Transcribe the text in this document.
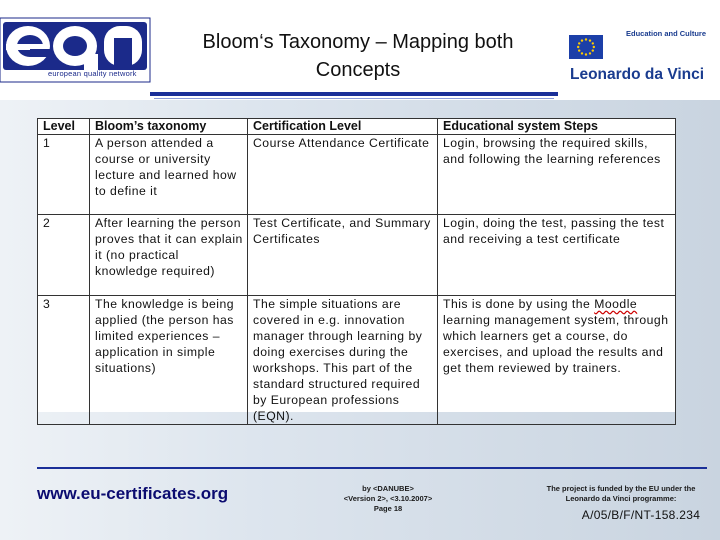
european quality network
Bloom‘s Taxonomy – Mapping both
Concepts
Education and Culture
Leonardo da Vinci
Level	Bloom’s taxonomy	Certification Level	Educational system Steps
1	A person attended a course or university lecture and learned how to define it	Course Attendance Certificate	Login, browsing the required skills, and following the learning references
2	After learning the person proves that it can explain it (no practical knowledge required)	Test Certificate, and Summary Certificates	Login, doing the test, passing the test and receiving a test certificate
3	The knowledge is being applied (the person has limited experiences – application in simple situations)	The simple situations are covered in e.g. innovation manager through learning by doing exercises during the workshops. This part of the standard structured required by European professions (EQN).	This is done by using the Moodle learning management system, through which learners get a course, do exercises, and upload the results and get them reviewed by trainers.
www.eu-certificates.org	by <DANUBE>
<Version 2>, <3.10.2007>
Page 18
The project is funded by the EU under the
Leonardo da Vinci programme:
A/05/B/F/NT-158.234
